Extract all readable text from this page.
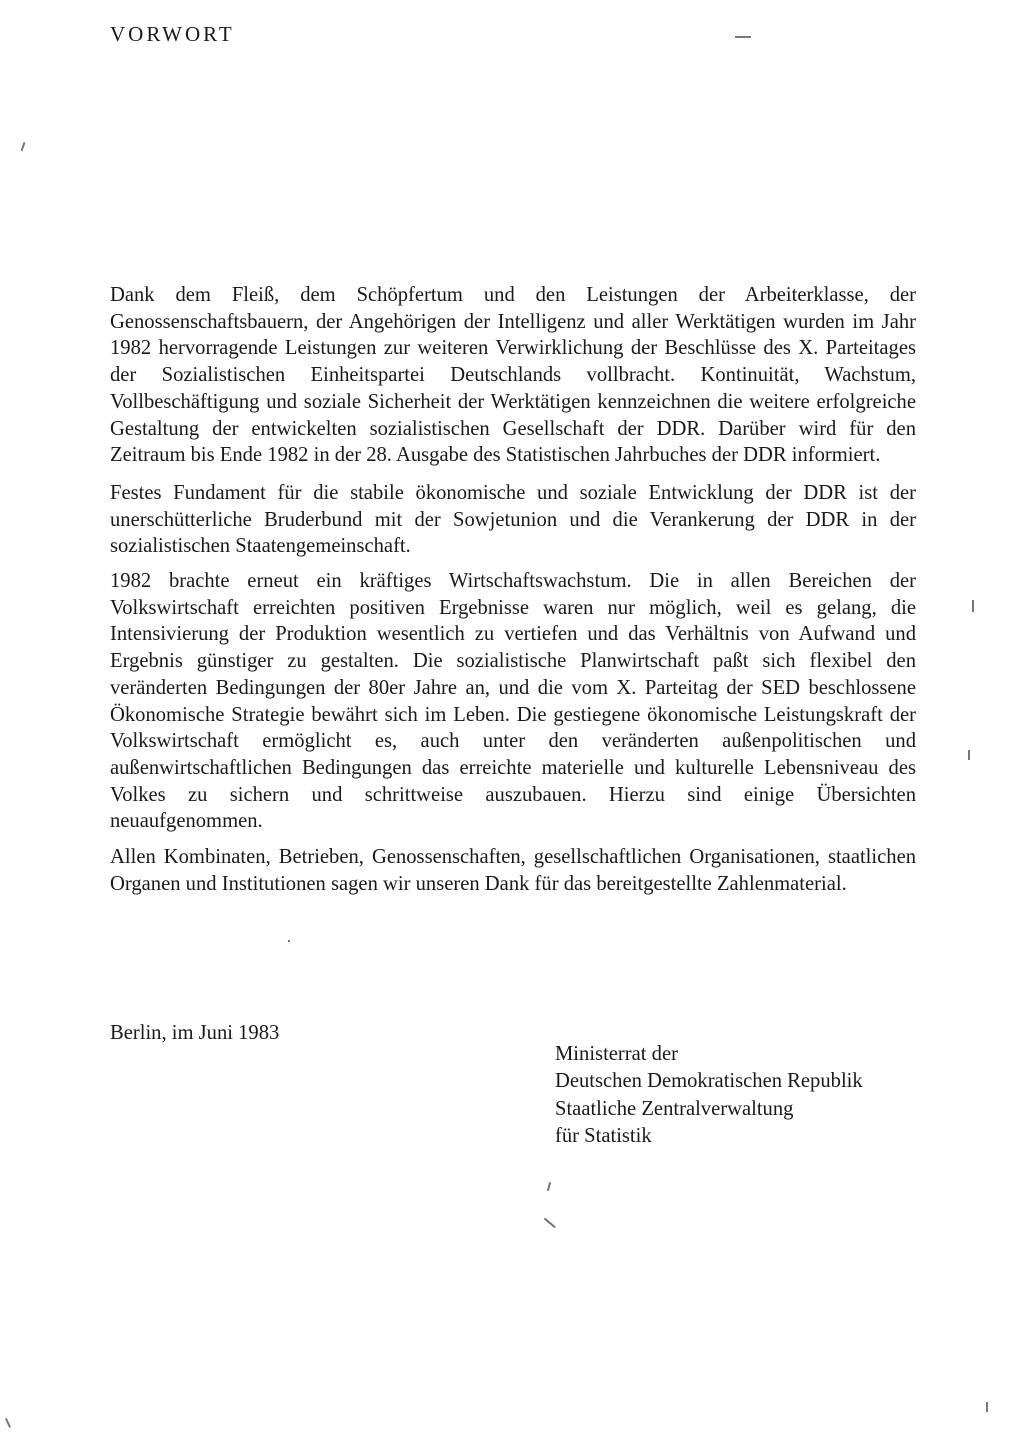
VORWORT

Dank dem Fleiß, dem Schöpfertum und den Leistungen der Arbeiterklasse, der Genossenschaftsbauern, der Angehörigen der Intelligenz und aller Werktätigen wurden im Jahr 1982 hervorragende Leistungen zur weiteren Verwirklichung der Beschlüsse des X. Parteitages der Sozialistischen Einheitspartei Deutschlands vollbracht. Kontinuität, Wachstum, Vollbeschäftigung und soziale Sicherheit der Werktätigen kennzeichnen die weitere erfolgreiche Gestaltung der entwickelten sozialistischen Gesellschaft der DDR. Darüber wird für den Zeitraum bis Ende 1982 in der 28. Ausgabe des Statistischen Jahrbuches der DDR informiert.

Festes Fundament für die stabile ökonomische und soziale Entwicklung der DDR ist der unerschütterliche Bruderbund mit der Sowjetunion und die Verankerung der DDR in der sozialistischen Staatengemeinschaft.

1982 brachte erneut ein kräftiges Wirtschaftswachstum. Die in allen Bereichen der Volkswirtschaft erreichten positiven Ergebnisse waren nur möglich, weil es gelang, die Intensivierung der Produktion wesentlich zu vertiefen und das Verhältnis von Aufwand und Ergebnis günstiger zu gestalten. Die sozialistische Planwirtschaft paßt sich flexibel den veränderten Bedingungen der 80er Jahre an, und die vom X. Parteitag der SED beschlossene Ökonomische Strategie bewährt sich im Leben. Die gestiegene ökonomische Leistungskraft der Volkswirtschaft ermöglicht es, auch unter den veränderten außenpolitischen und außenwirtschaftlichen Bedingungen das erreichte materielle und kulturelle Lebensniveau des Volkes zu sichern und schrittweise auszubauen. Hierzu sind einige Übersichten neuaufgenommen.

Allen Kombinaten, Betrieben, Genossenschaften, gesellschaftlichen Organisationen, staatlichen Organen und Institutionen sagen wir unseren Dank für das bereitgestellte Zahlenmaterial.

Berlin, im Juni 1983

Ministerrat der
Deutschen Demokratischen Republik
Staatliche Zentralverwaltung
für Statistik
